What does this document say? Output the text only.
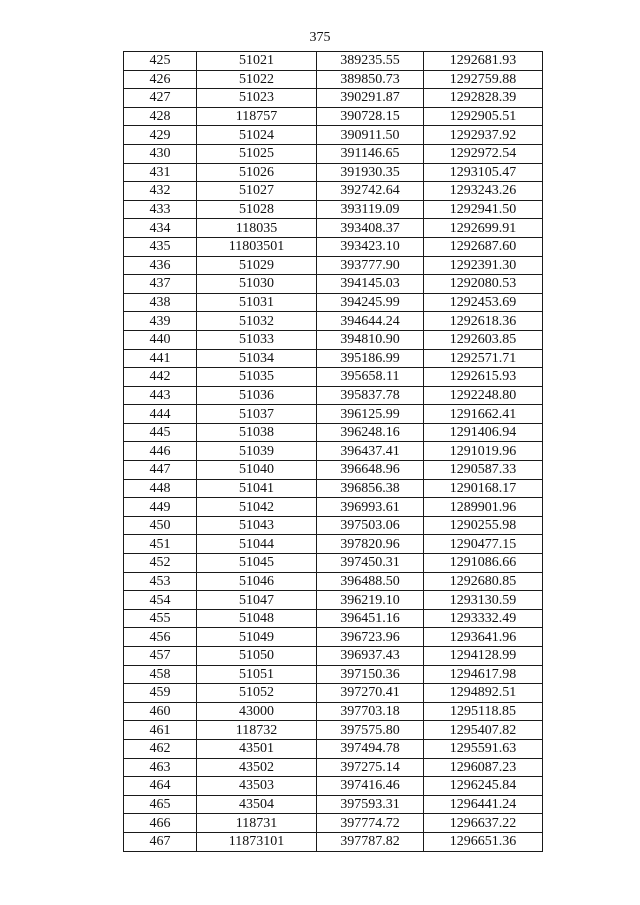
375
425	51021	389235.55	1292681.93
426	51022	389850.73	1292759.88
427	51023	390291.87	1292828.39
428	118757	390728.15	1292905.51
429	51024	390911.50	1292937.92
430	51025	391146.65	1292972.54
431	51026	391930.35	1293105.47
432	51027	392742.64	1293243.26
433	51028	393119.09	1292941.50
434	118035	393408.37	1292699.91
435	11803501	393423.10	1292687.60
436	51029	393777.90	1292391.30
437	51030	394145.03	1292080.53
438	51031	394245.99	1292453.69
439	51032	394644.24	1292618.36
440	51033	394810.90	1292603.85
441	51034	395186.99	1292571.71
442	51035	395658.11	1292615.93
443	51036	395837.78	1292248.80
444	51037	396125.99	1291662.41
445	51038	396248.16	1291406.94
446	51039	396437.41	1291019.96
447	51040	396648.96	1290587.33
448	51041	396856.38	1290168.17
449	51042	396993.61	1289901.96
450	51043	397503.06	1290255.98
451	51044	397820.96	1290477.15
452	51045	397450.31	1291086.66
453	51046	396488.50	1292680.85
454	51047	396219.10	1293130.59
455	51048	396451.16	1293332.49
456	51049	396723.96	1293641.96
457	51050	396937.43	1294128.99
458	51051	397150.36	1294617.98
459	51052	397270.41	1294892.51
460	43000	397703.18	1295118.85
461	118732	397575.80	1295407.82
462	43501	397494.78	1295591.63
463	43502	397275.14	1296087.23
464	43503	397416.46	1296245.84
465	43504	397593.31	1296441.24
466	118731	397774.72	1296637.22
467	11873101	397787.82	1296651.36
